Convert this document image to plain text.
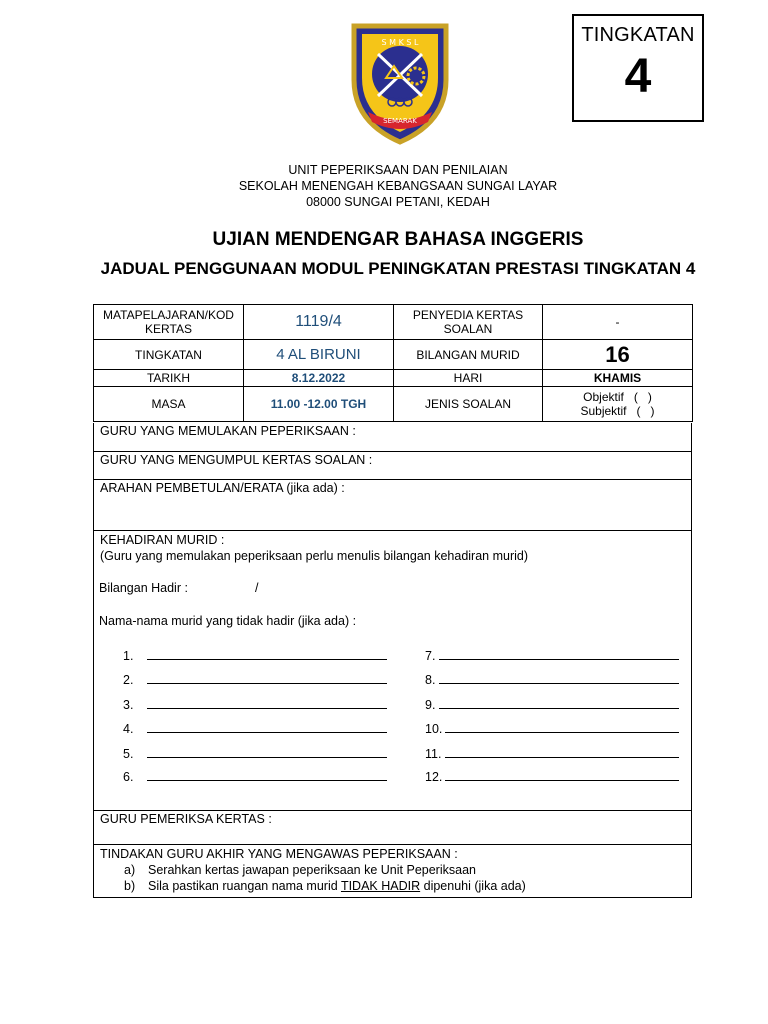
SEMARAK
S M K S L	TINGKATAN
4
UNIT PEPERIKSAAN DAN PENILAIAN
SEKOLAH MENENGAH KEBANGSAAN SUNGAI LAYAR
08000 SUNGAI PETANI, KEDAH
UJIAN MENDENGAR BAHASA INGGERIS
JADUAL PENGGUNAAN MODUL PENINGKATAN PRESTASI TINGKATAN 4
MATAPELAJARAN/KOD KERTAS	1119/4	PENYEDIA KERTAS SOALAN	-
TINGKATAN	4 AL BIRUNI	BILANGAN MURID	16
TARIKH	8.12.2022	HARI	KHAMIS
MASA	11.00 -12.00 TGH	JENIS SOALAN	Objektif   (   )
Subjektif   (   )
GURU YANG MEMULAKAN PEPERIKSAAN :
GURU YANG MENGUMPUL KERTAS SOALAN :
ARAHAN PEMBETULAN/ERATA (jika ada) :
KEHADIRAN MURID :
(Guru yang memulakan peperiksaan perlu menulis bilangan kehadiran murid)
Bilangan Hadir :	/
Nama-nama murid yang tidak hadir (jika ada) :
1.
2.
3.
4.
5.
6.
7.
8.
9.
10.
11.
12.
GURU PEMERIKSA KERTAS :
TINDAKAN GURU AKHIR YANG MENGAWAS PEPERIKSAAN :
a) Serahkan kertas jawapan peperiksaan ke Unit Peperiksaan
b) Sila pastikan ruangan nama murid TIDAK HADIR dipenuhi (jika ada)
